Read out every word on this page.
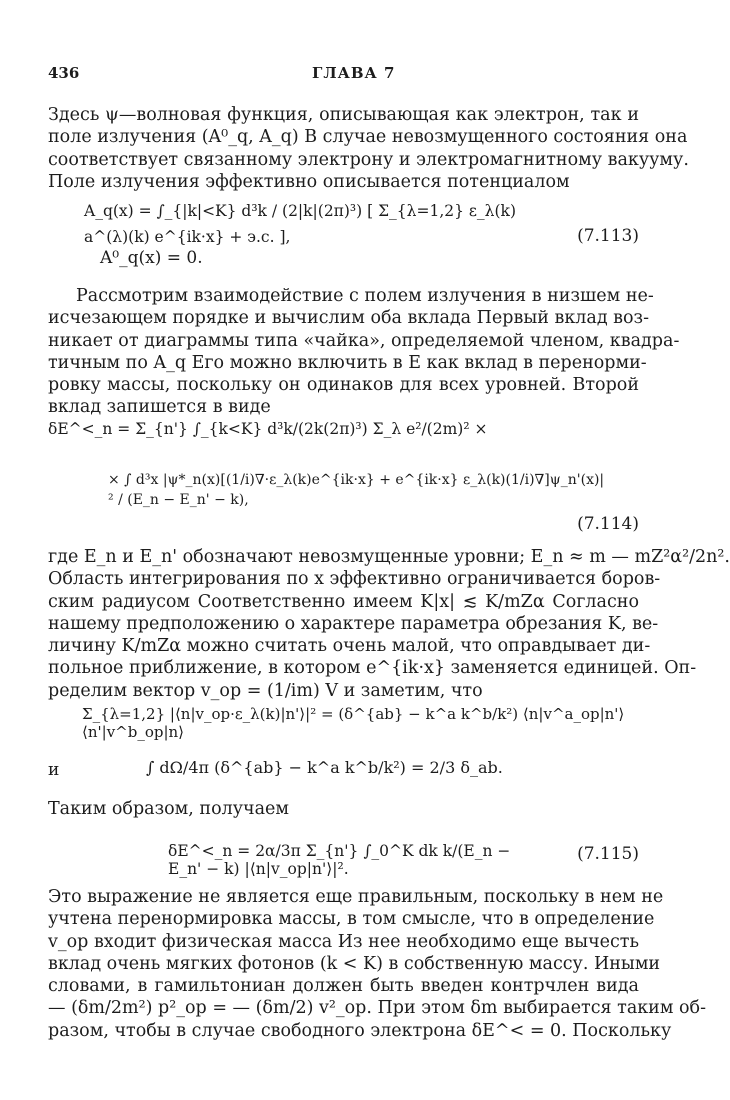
436	ГЛАВА 7
Здесь ψ—волновая функция, описывающая как электрон, так и
поле излучения (A⁰_q, A_q) В случае невозмущенного состояния она
соответствует связанному электрону и электромагнитному вакууму.
Поле излучения эффективно описывается потенциалом
A_q(x) = ∫_{|k|<K} d³k / (2|k|(2π)³) [ Σ_{λ=1,2} ε_λ(k) a^(λ)(k) e^{ik·x} + э.с. ],
A⁰_q(x) = 0.
(7.113)
Рассмотрим взаимодействие с полем излучения в низшем не-
исчезающем порядке и вычислим оба вклада Первый вклад воз-
никает от диаграммы типа «чайка», определяемой членом, квадра-
тичным по A_q Его можно включить в E как вклад в перенорми-
ровку массы, поскольку он одинаков для всех уровней. Второй
вклад запишется в виде
δE^<_n = Σ_{n'} ∫_{k<K} d³k/(2k(2π)³) Σ_λ e²/(2m)² ×
× ∫ d³x |ψ*_n(x)[(1/i)∇·ε_λ(k)e^{ik·x} + e^{ik·x} ε_λ(k)(1/i)∇]ψ_n'(x)|² / (E_n − E_n' − k),
(7.114)
где E_n и E_n' обозначают невозмущенные уровни; E_n ≈ m — mZ²α²/2n².
Область интегрирования по x эффективно ограничивается боров-
ским радиусом Соответственно имеем K|x| ≲ K/mZα Согласно
нашему предположению о характере параметра обрезания K, ве-
личину K/mZα можно считать очень малой, что оправдывает ди-
польное приближение, в котором e^{ik·x} заменяется единицей. Оп-
ределим вектор v_op = (1/im) V и заметим, что
Σ_{λ=1,2} |⟨n|v_op·ε_λ(k)|n'⟩|² = (δ^{ab} − k^a k^b/k²) ⟨n|v^a_op|n'⟩⟨n'|v^b_op|n⟩
и	∫ dΩ/4π (δ^{ab} − k^a k^b/k²) = 2/3 δ_ab.
Таким образом, получаем
δE^<_n = 2α/3π Σ_{n'} ∫_0^K dk k/(E_n − E_n' − k) |⟨n|v_op|n'⟩|².
(7.115)
Это выражение не является еще правильным, поскольку в нем не
учтена перенормировка массы, в том смысле, что в определение
v_op входит физическая масса Из нее необходимо еще вычесть
вклад очень мягких фотонов (k < K) в собственную массу. Иными
словами, в гамильтониан должен быть введен контрчлен вида
— (δm/2m²) p²_op = — (δm/2) v²_op. При этом δm выбирается таким об-
разом, чтобы в случае свободного электрона δE^< = 0. Поскольку
